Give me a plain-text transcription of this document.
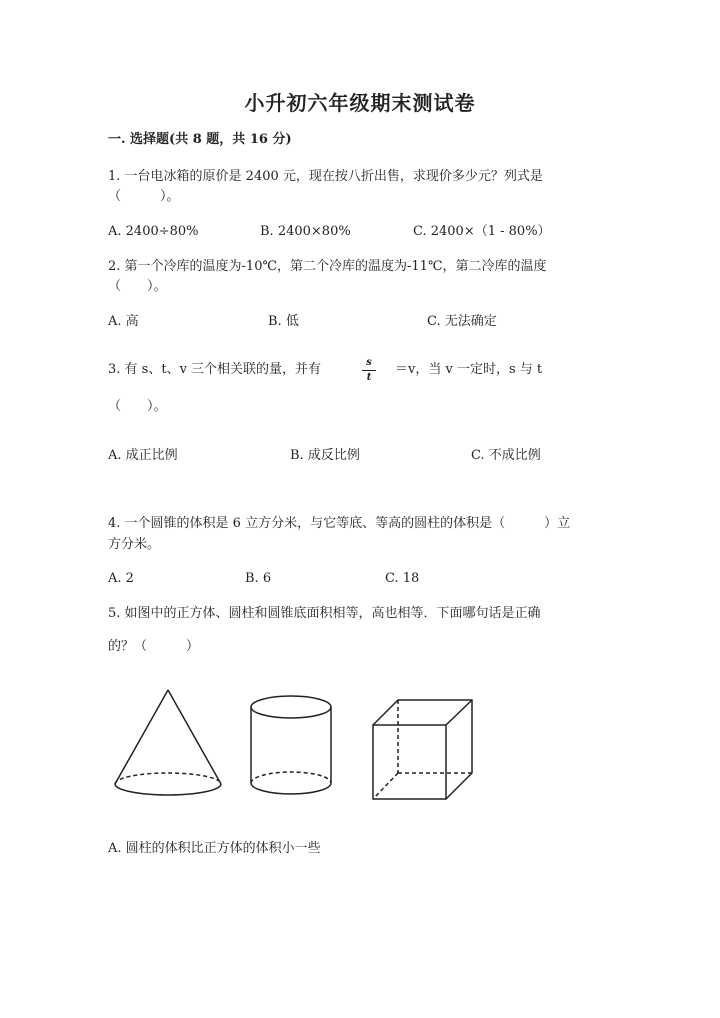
小升初六年级期末测试卷
一. 选择题(共 8 题，共 16 分)
1. 一台电冰箱的原价是 2400 元，现在按八折出售，求现价多少元？列式是
（　　　）。
A. 2400÷80%	B. 2400×80%	C. 2400×（1 - 80%）
2. 第一个冷库的温度为-10℃，第二个冷库的温度为-11℃，第二冷库的温度
（　　）。
A. 高	B. 低	C. 无法确定
3. 有 s、t、v 三个相关联的量，并有	s
t
＝v，当 v 一定时，s 与 t
（　　）。
A. 成正比例	B. 成反比例	C. 不成比例
4. 一个圆锥的体积是 6 立方分米，与它等底、等高的圆柱的体积是（　　　）立
方分米。
A. 2	B. 6	C. 18
5. 如图中的正方体、圆柱和圆锥底面积相等，高也相等．下面哪句话是正确
的？（　　　）
A. 圆柱的体积比正方体的体积小一些
